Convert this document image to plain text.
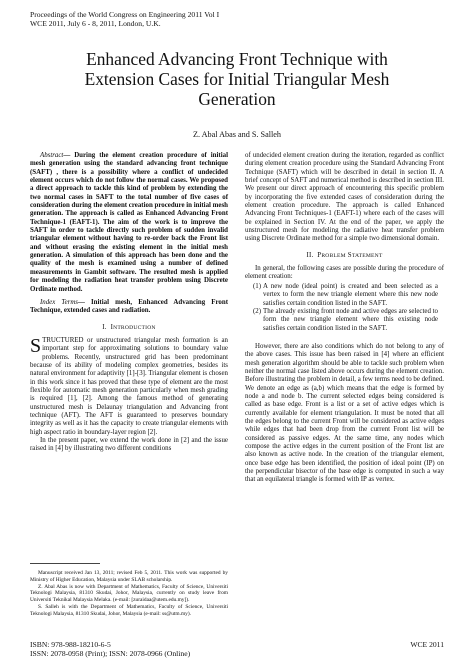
Proceedings of the World Congress on Engineering 2011 Vol I
WCE 2011, July 6 - 8, 2011, London, U.K.
Enhanced Advancing Front Technique with
Extension Cases for Initial Triangular Mesh
Generation
Z. Abal Abas and S. Salleh

Abstract— During the element creation procedure of initial mesh generation using the standard advancing front technique (SAFT) , there is a possibility where a conflict of undecided element occurs which do not follow the normal cases. We proposed a direct approach to tackle this kind of problem by extending the two normal cases in SAFT to the total number of five cases of consideration during the element creation procedure in initial mesh generation. The approach is called as Enhanced Advancing Front Technique-1 (EAFT-1). The aim of the work is to improve the SAFT in order to tackle directly such problem of sudden invalid triangular element without having to re-order back the Front list and without erasing the existing element in the initial mesh generation. A simulation of this approach has been done and the quality of the mesh is examined using a number of defined measurements in Gambit software. The resulted mesh is applied for modeling the radiation heat transfer problem using Discrete Ordinate method.

Index Terms— Initial mesh, Enhanced Advancing Front Technique, extended cases and radiation.

I. INTRODUCTION

STRUCTURED or unstructured triangular mesh formation is an important step for approximating solutions to boundary value problems. Recently, unstructured grid has been predominant because of its ability of modeling complex geometries, besides its natural environment for adaptivity [1]-[3]. Triangular element is chosen in this work since it has proved that these type of element are the most flexible for automatic mesh generation particularly when mesh grading is required [1], [2]. Among the famous method of generating unstructured mesh is Delaunay triangulation and Advancing front technique (AFT). The AFT is guaranteed to preserves boundary integrity as well as it has the capacity to create triangular elements with high aspect ratio in boundary-layer region [2].

In the present paper, we extend the work done in [2] and the issue raised in [4] by illustrating two different conditions

Manuscript received Jan 13, 2011; revised Feb 5, 2011. This work was supported by Ministry of Higher Education, Malaysia under SLAB scholarship.

Z. Abal Abas is now with Department of Mathematics, Faculty of Science, Universiti Teknologi Malaysia, 81310 Skudai, Johor, Malaysia, currently on study leave from Universiti Teknikal Malaysia Melaka. (e-mail: [zuraidaa@utem.edu.my]).

S. Salleh is with the Department of Mathematics, Faculty of Science, Universiti Teknologi Malaysia, 81310 Skudai, Johor, Malaysia (e-mail: ss@utm.my).

of undecided element creation during the iteration, regarded as conflict during element creation procedure using the Standard Advancing Front Technique (SAFT) which will be described in detail in section II. A brief concept of SAFT and numerical method is described in section III. We present our direct approach of encountering this specific problem by incorporating the five extended cases of consideration during the element creation procedure. The approach is called Enhanced Advancing Front Techniques-1 (EAFT-1) where each of the cases will be explained in Section IV. At the end of the paper, we apply the unstructured mesh for modeling the radiative heat transfer problem using Discrete Ordinate method for a simple two dimensional domain.

II. PROBLEM STATEMENT

In general, the following cases are possible during the procedure of element creation:

(1) A new node (ideal point) is created and been selected as a vertex to form the new triangle element where this new node satisfies certain condition listed in the SAFT.
(2) The already existing front node and active edges are selected to form the new triangle element where this existing node satisfies certain condition listed in the SAFT.

However, there are also conditions which do not belong to any of the above cases. This issue has been raised in [4] where an efficient mesh generation algorithm should be able to tackle such problem when neither the normal case listed above occurs during the element creation. Before illustrating the problem in detail, a few terms need to be defined. We denote an edge as (a,b) which means that the edge is formed by node a and node b. The current selected edges being considered is called as base edge. Front is a list or a set of active edges which is currently available for element triangulation. It must be noted that all the edges belong to the current Front will be considered as active edges while edges that had been drop from the current Front list will be considered as passive edges. At the same time, any nodes which compose the active edges in the current position of the Front list are also known as active node. In the creation of the triangular element, once base edge has been identified, the position of ideal point (IP) on the perpendicular bisector of the base edge is computed in such a way that an equilateral triangle is formed with IP as vertex.

ISBN: 978-988-18210-6-5
ISSN: 2078-0958 (Print); ISSN: 2078-0966 (Online)
WCE 2011
